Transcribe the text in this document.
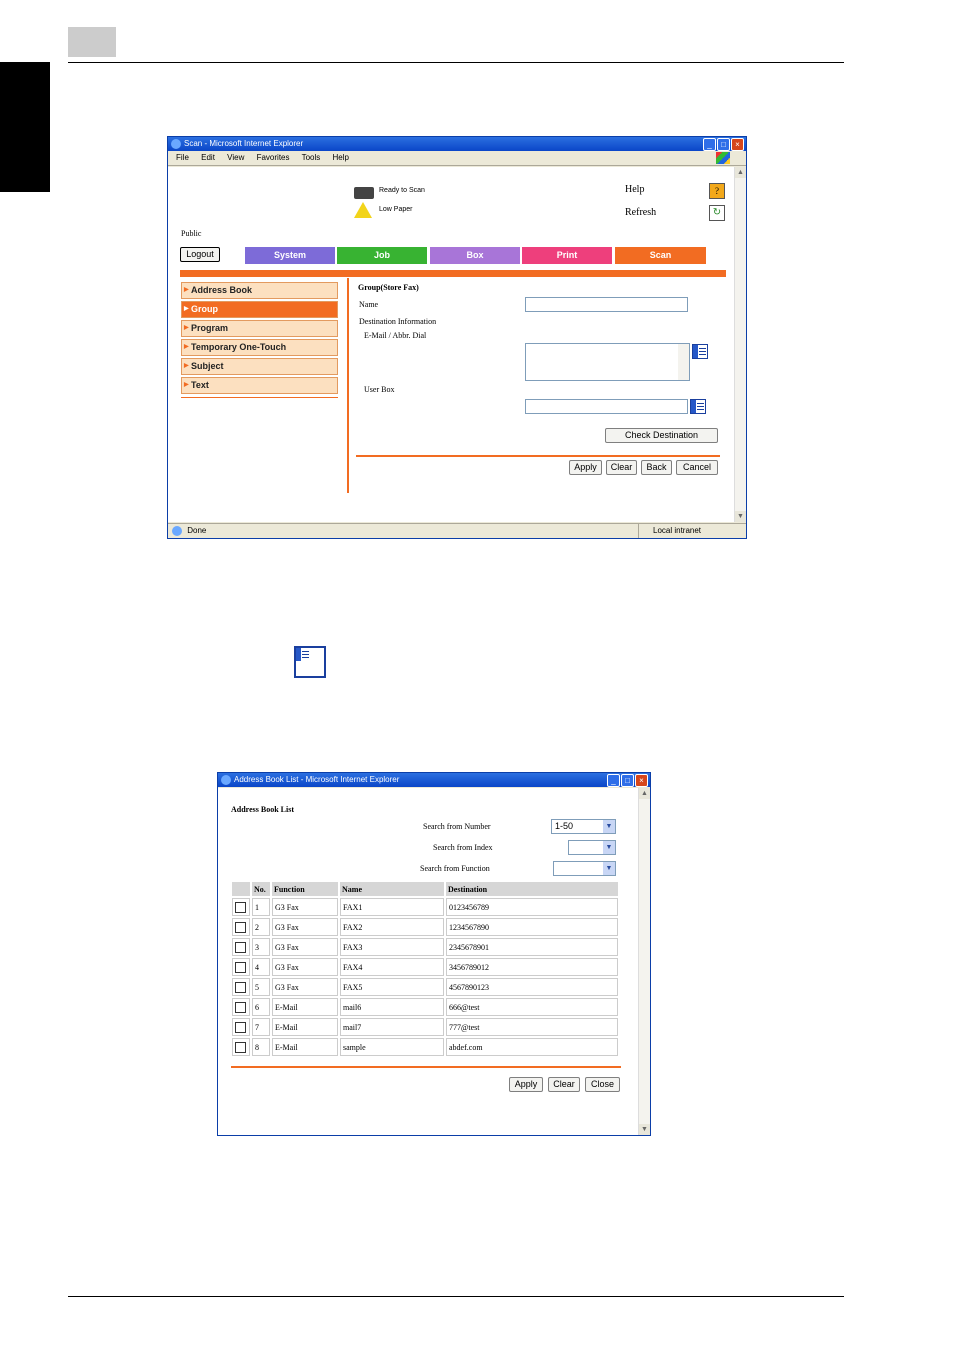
Scan - Microsoft Internet Explorer	_	□	×
File Edit View Favorites Tools Help
Ready to Scan
Low Paper
Help	?
Refresh	↻
Public
Logout	System	Job	Box	Print	Scan
▶ Address Book
▶ Group
▶ Program
▶ Temporary One-Touch
▶ Subject
▶ Text
Group(Store Fax)
Name
Destination Information
E-Mail / Abbr. Dial
User Box
Check Destination
Apply	Clear	Back	Cancel
▲
▼
Done	Local intranet
Address Book List - Microsoft Internet Explorer	_	□	×
Address Book List
Search from Number	1-50	▼
Search from Index	▼
Search from Function	▼
	No.	Function	Name	Destination
	1	G3 Fax	FAX1	0123456789
	2	G3 Fax	FAX2	1234567890
	3	G3 Fax	FAX3	2345678901
	4	G3 Fax	FAX4	3456789012
	5	G3 Fax	FAX5	4567890123
	6	E-Mail	mail6	666@test
	7	E-Mail	mail7	777@test
	8	E-Mail	sample	abdef.com
Apply	Clear	Close
▲
▼
